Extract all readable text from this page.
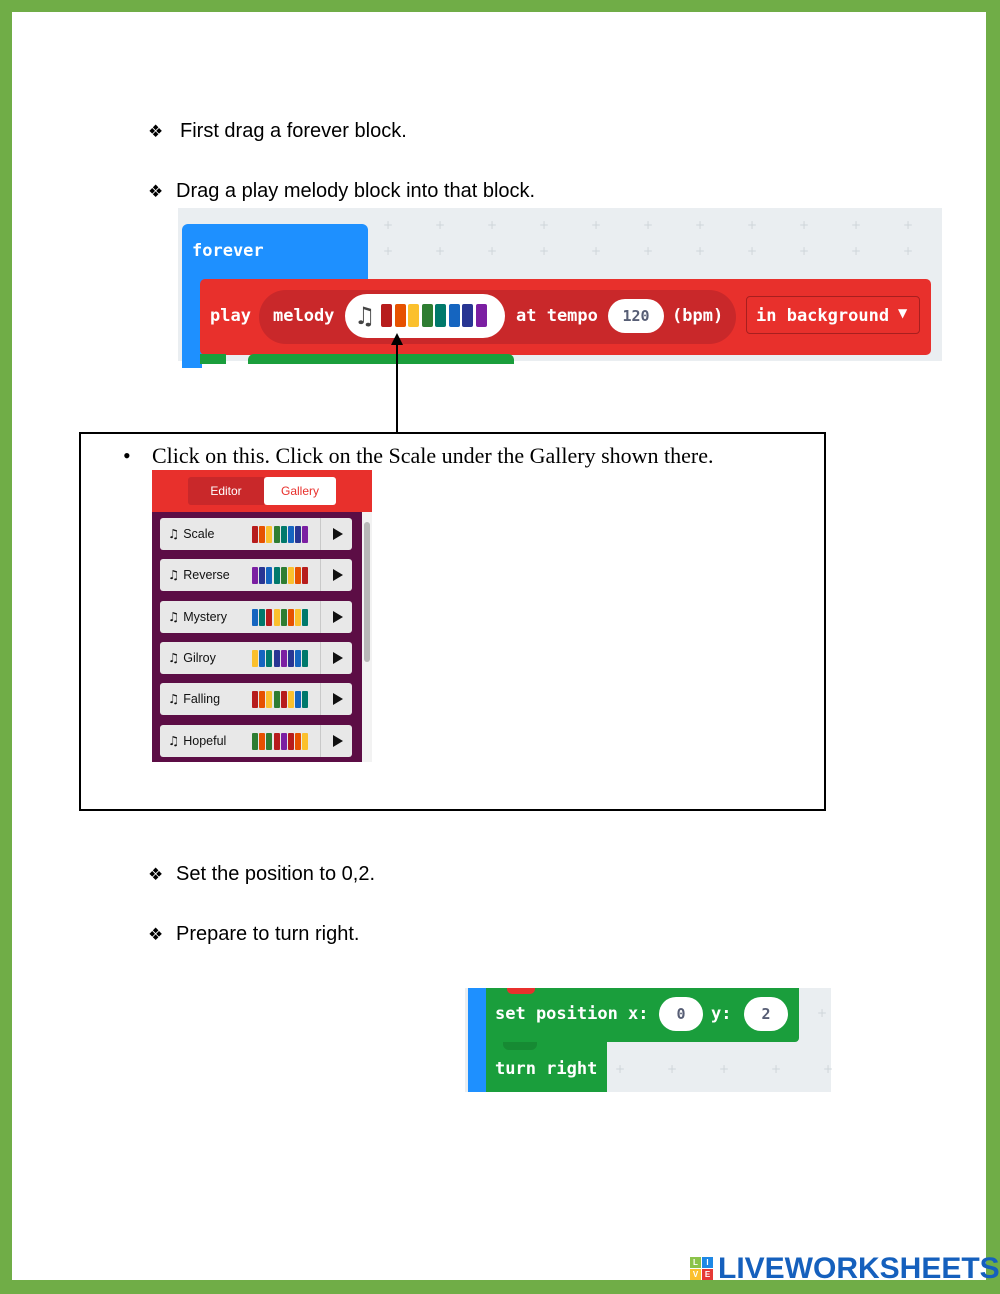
❖ First drag a forever block.
❖ Drag a play melody block into that block.
+
+
+
+
+
+
+
+
+
+
+
+
+
+
+
+
+
+
+
+
+
+
forever
play melody ♫	at tempo	120	(bpm) in background ▼
• Click on this. Click on the Scale under the Gallery shown there.
Editor	Gallery
♫ Scale
♫ Reverse
♫ Mystery
♫ Gilroy
♫ Falling
♫ Hopeful
❖ Set the position to 0,2.
❖ Prepare to turn right.
+	+	+	+	+
+
set position x:	0	y:	2
turn right
L	I
V E LIVEWORKSHEETS
